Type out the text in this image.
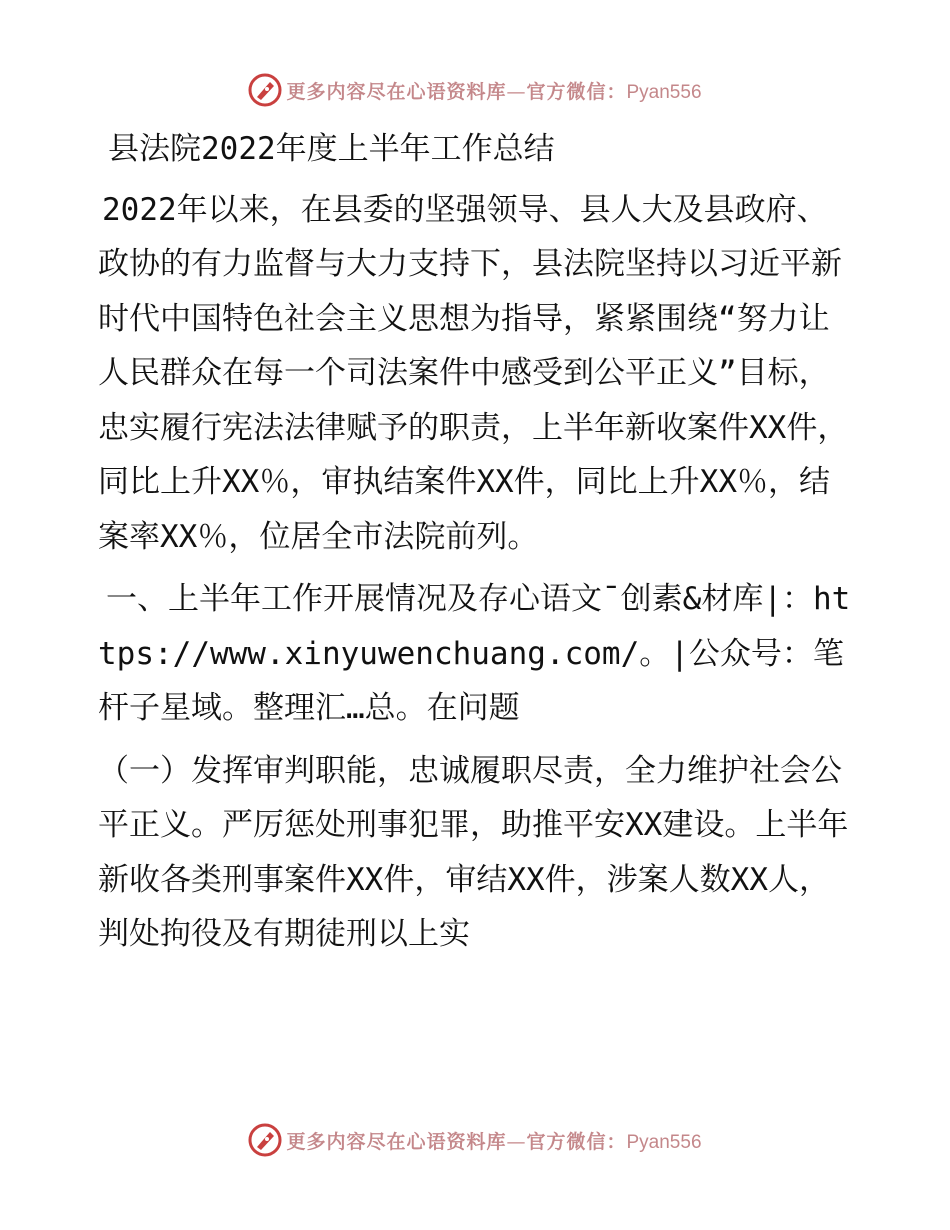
更多内容尽在心语资料库—官方微信：Pyan556
县法院2022年度上半年工作总结

2022年以来，在县委的坚强领导、县人大及县政府、政协的有力监督与大力支持下，县法院坚持以习近平新时代中国特色社会主义思想为指导，紧紧围绕“努力让人民群众在每一个司法案件中感受到公平正义”目标，忠实履行宪法法律赋予的职责，上半年新收案件XX件，同比上升XX％，审执结案件XX件，同比上升XX％，结案率XX％，位居全市法院前列。

一、上半年工作开展情况及存心语文¯创素&材库|：https://www.xinyuwenchuang.com/。|公众号：笔杆子星域。整理汇…总。在问题

（一）发挥审判职能，忠诚履职尽责，全力维护社会公平正义。严厉惩处刑事犯罪，助推平安XX建设。上半年新收各类刑事案件XX件，审结XX件，涉案人数XX人，判处拘役及有期徒刑以上实

更多内容尽在心语资料库—官方微信：Pyan556
